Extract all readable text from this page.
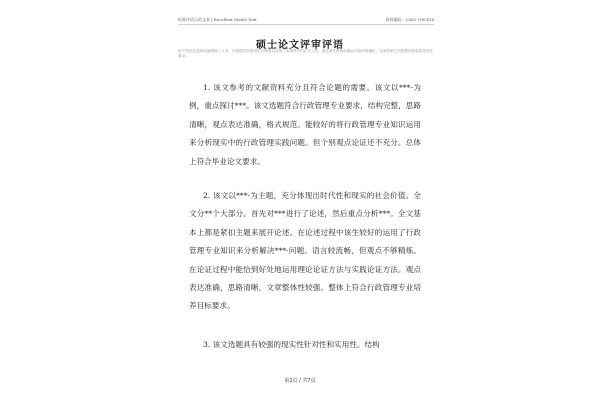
标准评语示范文本 | Excellent Model Text	资料编码：CX62-UW-414
硕士论文评审评语
用户在此处选择或编辑插入文本，可根据实际情况进行修改以适用于本场景中的正式文档。请注意在使用前确认内容的准确性，以免影响文档的整体质量和规范性要求。
1. 该文参考的文献资料充分且符合论题的需要。该文以***-为例，重点探讨***。该文选题符合行政管理专业要求，结构完整，思路清晰，观点表达准确，格式规范。能较好的将行政管理专业知识运用来分析现实中的行政管理实践问题。但个别观点论证还不充分。总体上符合毕业论文要求。
2. 该文以***-为主题，充分体现出时代性和现实的社会价值。全文分**个大部分。首先对***进行了论述，然后重点分析***。全文基本上都是紧扣主题来展开论述。在论述过程中该生较好的运用了行政管理专业知识来分析解决***-问题。语言较流畅，但观点不够精炼。在论证过程中能恰到好处地运用理论论证方法与实践论证方法。观点表达准确，思路清晰，文章整体性较强。整体上符合行政管理专业培养目标要求。
3. 该文选题具有较强的现实性针对性和实用性。结构
第2页 / 共7页
